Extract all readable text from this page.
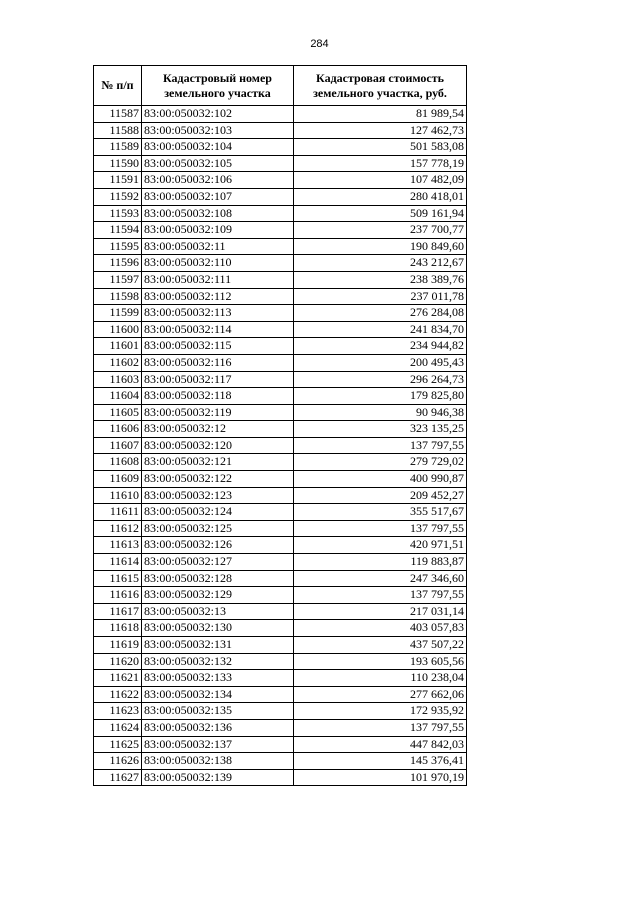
284
№ п/п	Кадастровый номер земельного участка	Кадастровая стоимость земельного участка, руб.
11587	83:00:050032:102	81 989,54
11588	83:00:050032:103	127 462,73
11589	83:00:050032:104	501 583,08
11590	83:00:050032:105	157 778,19
11591	83:00:050032:106	107 482,09
11592	83:00:050032:107	280 418,01
11593	83:00:050032:108	509 161,94
11594	83:00:050032:109	237 700,77
11595	83:00:050032:11	190 849,60
11596	83:00:050032:110	243 212,67
11597	83:00:050032:111	238 389,76
11598	83:00:050032:112	237 011,78
11599	83:00:050032:113	276 284,08
11600	83:00:050032:114	241 834,70
11601	83:00:050032:115	234 944,82
11602	83:00:050032:116	200 495,43
11603	83:00:050032:117	296 264,73
11604	83:00:050032:118	179 825,80
11605	83:00:050032:119	90 946,38
11606	83:00:050032:12	323 135,25
11607	83:00:050032:120	137 797,55
11608	83:00:050032:121	279 729,02
11609	83:00:050032:122	400 990,87
11610	83:00:050032:123	209 452,27
11611	83:00:050032:124	355 517,67
11612	83:00:050032:125	137 797,55
11613	83:00:050032:126	420 971,51
11614	83:00:050032:127	119 883,87
11615	83:00:050032:128	247 346,60
11616	83:00:050032:129	137 797,55
11617	83:00:050032:13	217 031,14
11618	83:00:050032:130	403 057,83
11619	83:00:050032:131	437 507,22
11620	83:00:050032:132	193 605,56
11621	83:00:050032:133	110 238,04
11622	83:00:050032:134	277 662,06
11623	83:00:050032:135	172 935,92
11624	83:00:050032:136	137 797,55
11625	83:00:050032:137	447 842,03
11626	83:00:050032:138	145 376,41
11627	83:00:050032:139	101 970,19
